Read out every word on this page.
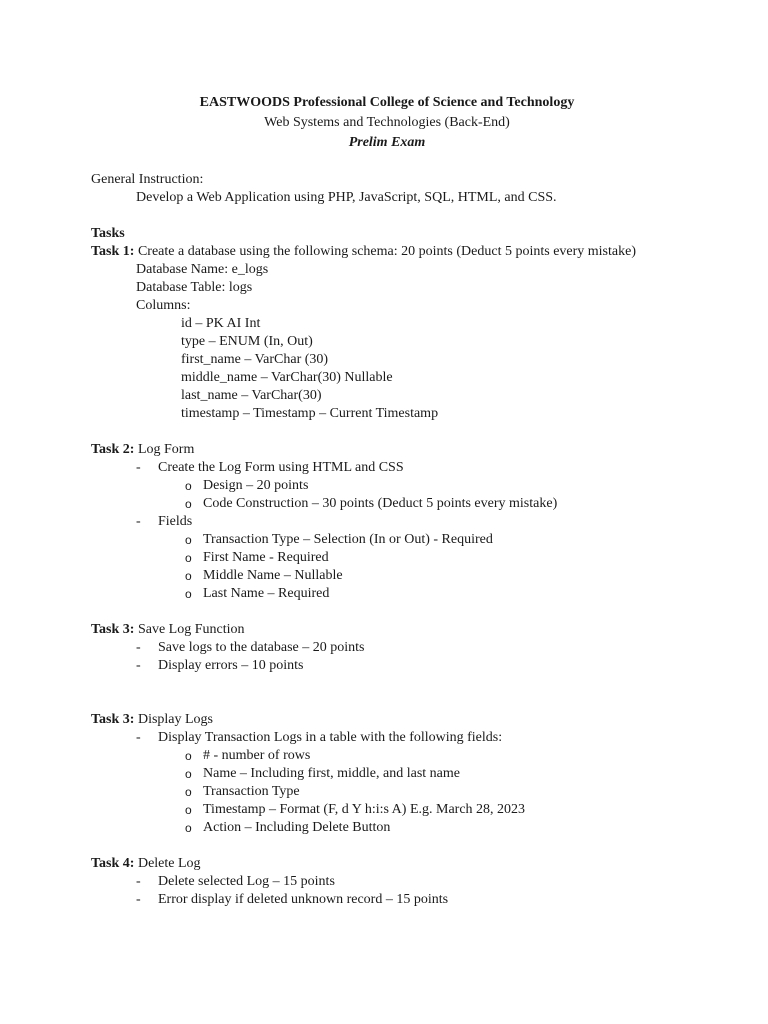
EASTWOODS Professional College of Science and Technology
Web Systems and Technologies (Back-End)
Prelim Exam
General Instruction:
Develop a Web Application using PHP, JavaScript, SQL, HTML, and CSS.
Tasks
Task 1: Create a database using the following schema: 20 points (Deduct 5 points every mistake)
Database Name: e_logs
Database Table: logs
Columns:
id – PK AI Int
type – ENUM (In, Out)
first_name – VarChar (30)
middle_name – VarChar(30) Nullable
last_name – VarChar(30)
timestamp – Timestamp – Current Timestamp
Task 2: Log Form
- Create the Log Form using HTML and CSS
o Design – 20 points
o Code Construction – 30 points (Deduct 5 points every mistake)
- Fields
o Transaction Type – Selection (In or Out) - Required
o First Name - Required
o Middle Name – Nullable
o Last Name – Required
Task 3: Save Log Function
- Save logs to the database – 20 points
- Display errors – 10 points
Task 3: Display Logs
- Display Transaction Logs in a table with the following fields:
o # - number of rows
o Name – Including first, middle, and last name
o Transaction Type
o Timestamp – Format (F, d Y h:i:s A) E.g. March 28, 2023
o Action – Including Delete Button
Task 4: Delete Log
- Delete selected Log – 15 points
- Error display if deleted unknown record – 15 points
